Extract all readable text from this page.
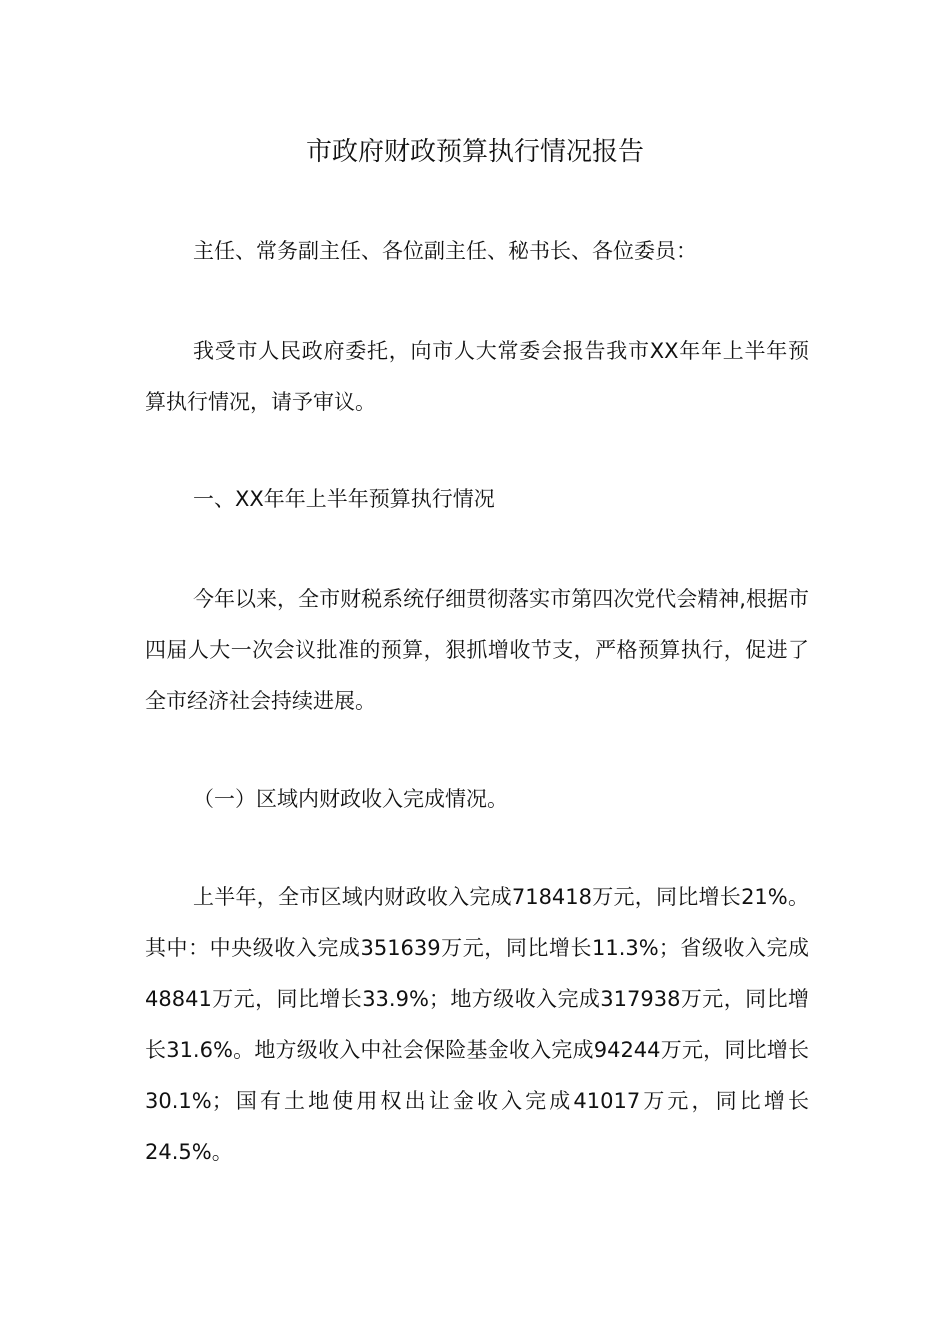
市政府财政预算执行情况报告

主任、常务副主任、各位副主任、秘书长、各位委员：

我受市人民政府委托，向市人大常委会报告我市XX年年上半年预算执行情况，请予审议。

一、XX年年上半年预算执行情况

今年以来，全市财税系统仔细贯彻落实市第四次党代会精神,根据市四届人大一次会议批准的预算，狠抓增收节支，严格预算执行，促进了全市经济社会持续进展。

（一）区域内财政收入完成情况。

上半年，全市区域内财政收入完成718418万元，同比增长21%。其中：中央级收入完成351639万元，同比增长11.3%；省级收入完成48841万元，同比增长33.9%；地方级收入完成317938万元，同比增长31.6%。地方级收入中社会保险基金收入完成94244万元，同比增长30.1%；国有土地使用权出让金收入完成41017万元，同比增长24.5%。
